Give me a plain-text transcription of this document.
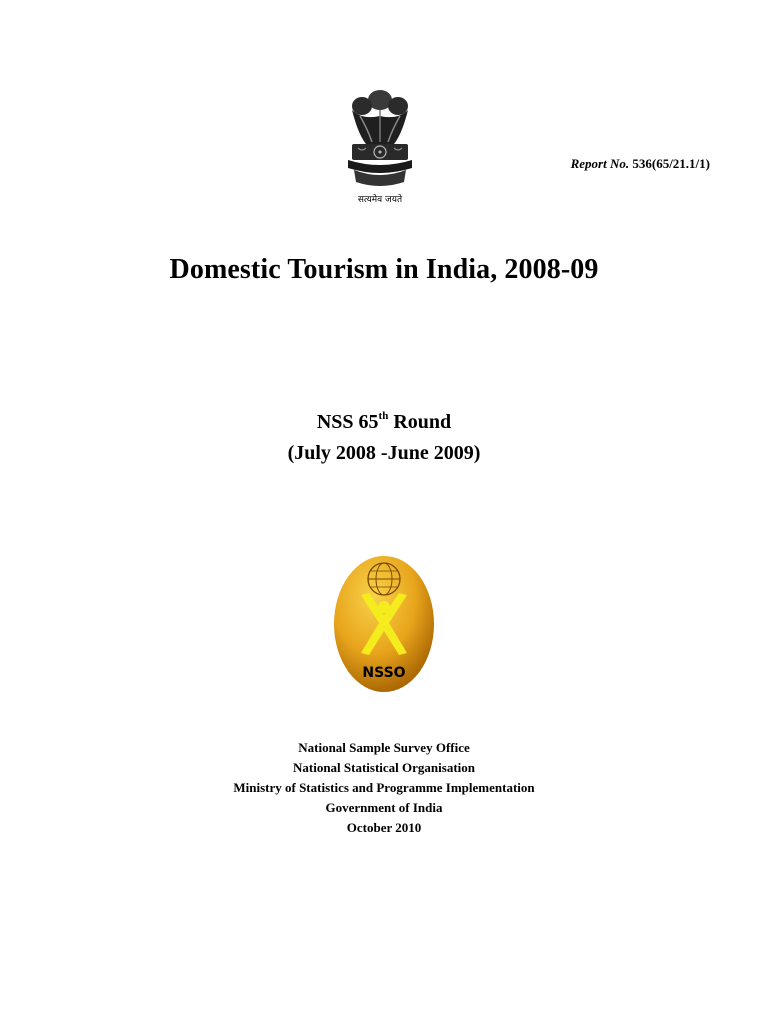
सत्यमेव जयते
Report No. 536(65/21.1/1)
Domestic Tourism in India, 2008-09
NSS 65th Round
(July 2008 -June 2009)
NSSO
National Sample Survey Office
National Statistical Organisation
Ministry of Statistics and Programme Implementation
Government of India
October 2010
